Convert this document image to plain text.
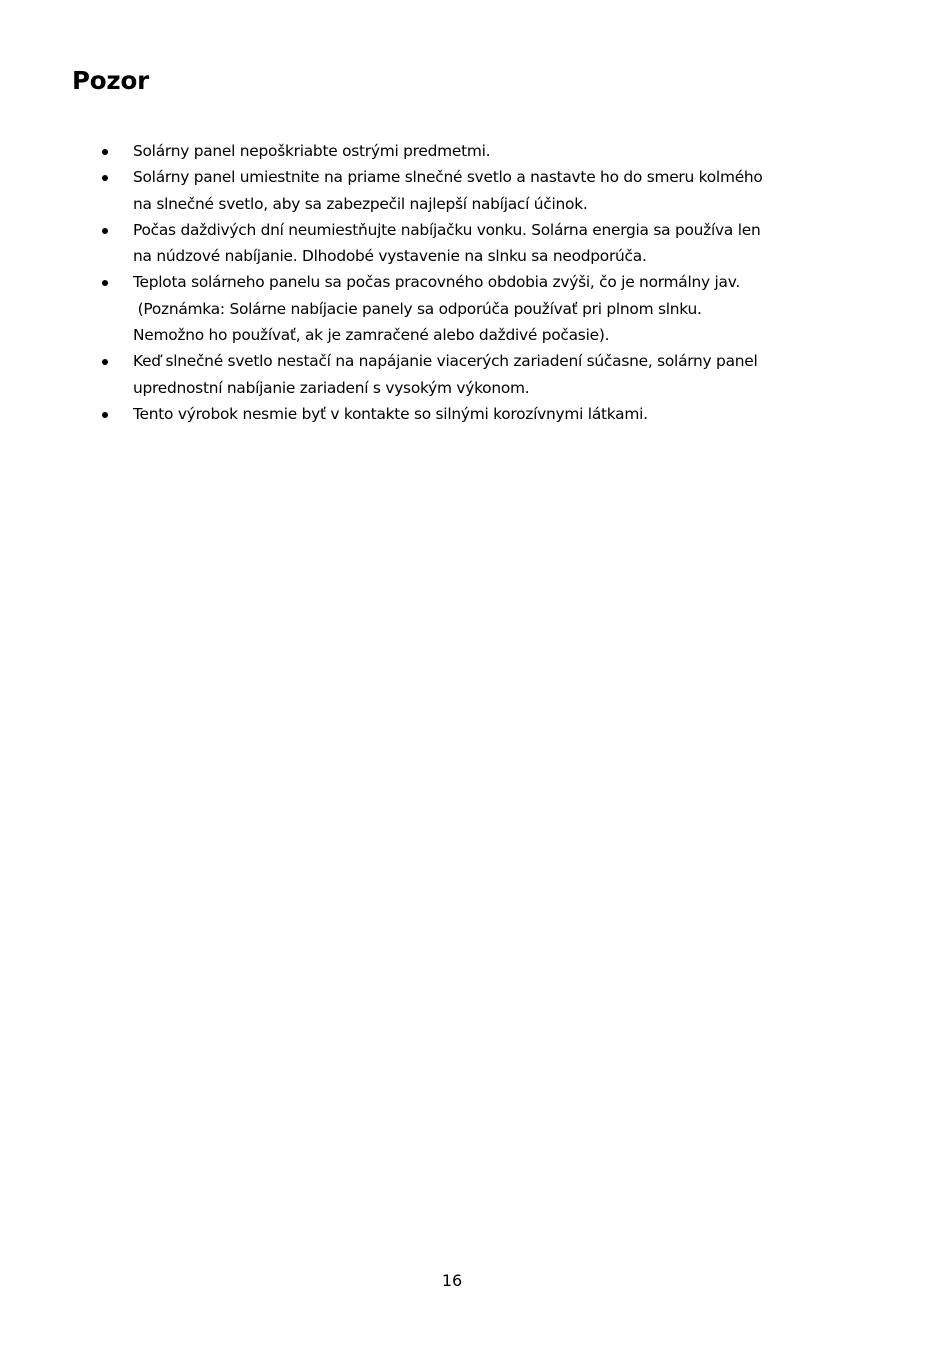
Pozor
Solárny panel nepoškriabte ostrými predmetmi.
Solárny panel umiestnite na priame slnečné svetlo a nastavte ho do smeru kolmého
na slnečné svetlo, aby sa zabezpečil najlepší nabíjací účinok.
Počas daždivých dní neumiestňujte nabíjačku vonku. Solárna energia sa používa len
na núdzové nabíjanie. Dlhodobé vystavenie na slnku sa neodporúča.
Teplota solárneho panelu sa počas pracovného obdobia zvýši, čo je normálny jav.
(Poznámka: Solárne nabíjacie panely sa odporúča používať pri plnom slnku.
Nemožno ho používať, ak je zamračené alebo daždivé počasie).
Keď slnečné svetlo nestačí na napájanie viacerých zariadení súčasne, solárny panel
uprednostní nabíjanie zariadení s vysokým výkonom.
Tento výrobok nesmie byť v kontakte so silnými korozívnymi látkami.
16
